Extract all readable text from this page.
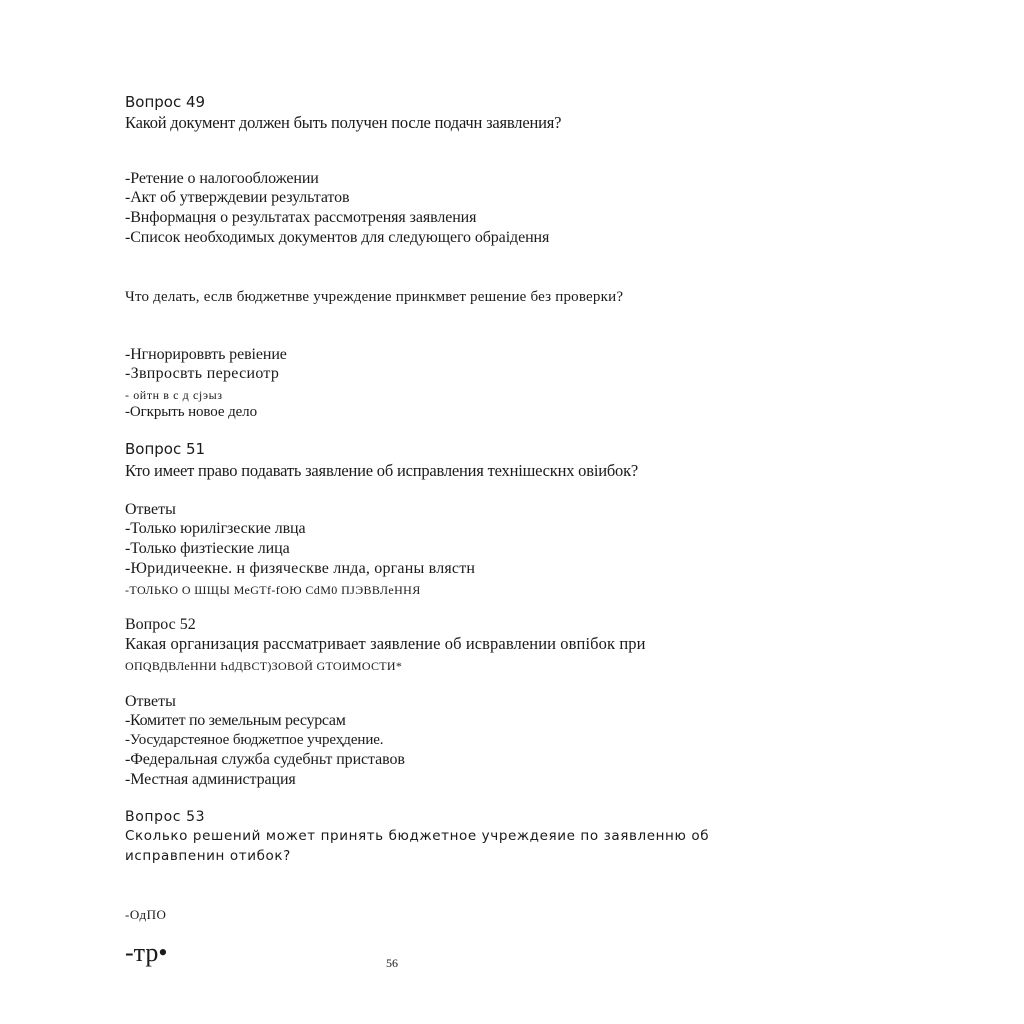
Вопрос 49
Какой документ должен быть получен после подачн заявления?
-Ретение о налогообложении
-Акт об утверждевии результатов
-Внформацня о результатах рассмотреняя заявления
-Список необходимых документов для следующего обраідення
Что делать, еслв бюджетнве учреждение принкмвет решение без проверки?
-Нгнорироввть ревіение
-Звпросвть пересиотр
- ойтн в с д сјэыз
-Огкрыть новое дело
Вопрос 51
Кто имеет право подавать заявление об исправления технішескнх овіибок?
Ответы
-Только юрилігзеские лвца
-Только физтіеские лица
-Юридичеекне. н физяческве лнда, органы влястн
-ТОЛЬКО О ШЩЫ МеGТf-fОЮ СdМ0 ПЈЭВВЛеННЯ
Вопрос 52
Какая организация рассматривает заявление об исвравлении овпібок при
ОПQВДВЛеННИ ҺdДВСТ)ЗОВОЙ GТОИМОСТИ*
Ответы
-Комитет по земельным ресурсам
-Уосударстеяное бюджетпое учреҳдение.
-Федеральная служба судебньт приставов
-Местная администрация
Вопрос 53
Сколько решений может принять бюджетное учреждеяие по заявленню об
исправпенин отибок?
-ОдПО
-тр•	56
